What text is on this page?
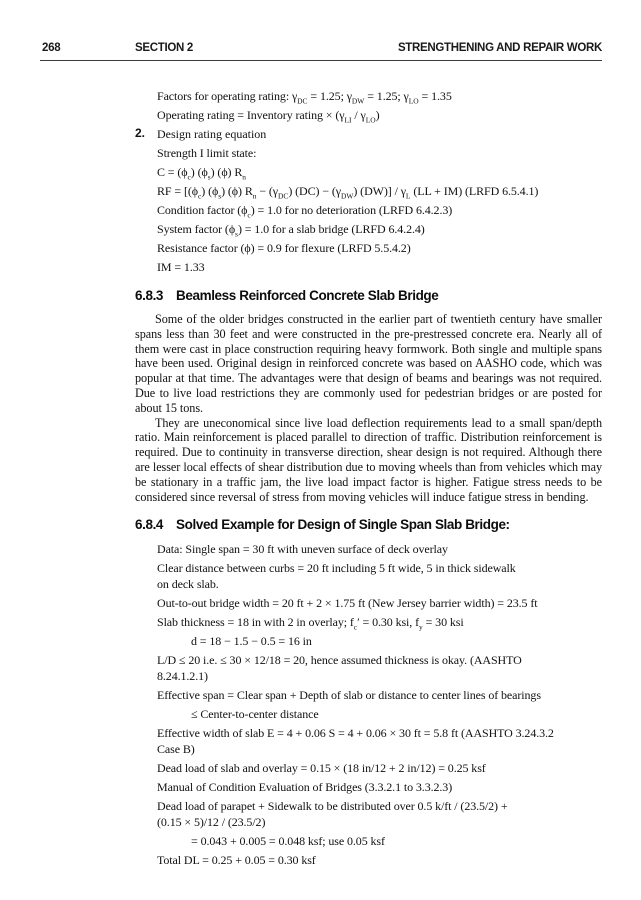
268	SECTION 2	STRENGTHENING AND REPAIR WORK
Factors for operating rating: $\gamma_{DC} = 1.25$; $\gamma_{DW} = 1.25$; $\gamma_{LO} = 1.35$
Operating rating = Inventory rating × $(\gamma_{LI} / \gamma_{LO})$
2. Design rating equation
Strength I limit state:
$C = (\phi_c)$ $(\phi_s)$ (ϕ) $R_n$
RF = [$(\phi_c)$ $(\phi_s)$ (ϕ) $R_n - (\gamma_{DC}) (DC) - (\gamma_{DW})$ $(DW)] / \gamma_L$ (LL + IM) (LRFD 6.5.4.1)
Condition factor $(\phi_c) = 1.0$ for no deterioration (LRFD 6.4.2.3)
System factor $(\phi_s) = 1.0$ for a slab bridge (LRFD 6.4.2.4)
Resistance factor (ϕ) = 0.9 for flexure (LRFD 5.5.4.2)
IM = 1.33
6.8.3 Beamless Reinforced Concrete Slab Bridge

Some of the older bridges constructed in the earlier part of twentieth century have smaller spans less than 30 feet and were constructed in the pre-prestressed concrete era. Nearly all of them were cast in place construction requiring heavy formwork. Both single and multiple spans have been used. Original design in reinforced concrete was based on AASHO code, which was popular at that time. The advantages were that design of beams and bearings was not required. Due to live load restrictions they are commonly used for pedestrian bridges or are posted for about 15 tons.

They are uneconomical since live load deflection requirements lead to a small span/depth ratio. Main reinforcement is placed parallel to direction of traffic. Distribution reinforcement is required. Due to continuity in transverse direction, shear design is not required. Although there are lesser local effects of shear distribution due to moving wheels than from vehicles which may be stationary in a traffic jam, the live load impact factor is higher. Fatigue stress needs to be considered since reversal of stress from moving vehicles will induce fatigue stress in bending.

6.8.4 Solved Example for Design of Single Span Slab Bridge:
Data: Single span = 30 ft with uneven surface of deck overlay
Clear distance between curbs = 20 ft including 5 ft wide, 5 in thick sidewalk
on deck slab.
Out-to-out bridge width = 20 ft + 2 × 1.75 ft (New Jersey barrier width) = 23.5 ft
Slab thickness = 18 in with 2 in overlay; $f_c' = 0.30$ ksi, $f_y = 30$ ksi
d = 18 − 1.5 − 0.5 = 16 in
L/D ≤ 20 i.e. ≤ 30 × 12/18 = 20, hence assumed thickness is okay. (AASHTO
8.24.1.2.1)
Effective span = Clear span + Depth of slab or distance to center lines of bearings
≤ Center-to-center distance
Effective width of slab E = 4 + 0.06 S = 4 + 0.06 × 30 ft = 5.8 ft (AASHTO 3.24.3.2
Case B)
Dead load of slab and overlay = 0.15 × (18 in/12 + 2 in/12) = 0.25 ksf
Manual of Condition Evaluation of Bridges (3.3.2.1 to 3.3.2.3)
Dead load of parapet + Sidewalk to be distributed over 0.5 k/ft / (23.5/2) +
(0.15 × 5)/12 / (23.5/2)
= 0.043 + 0.005 = 0.048 ksf; use 0.05 ksf
Total DL = 0.25 + 0.05 = 0.30 ksf
